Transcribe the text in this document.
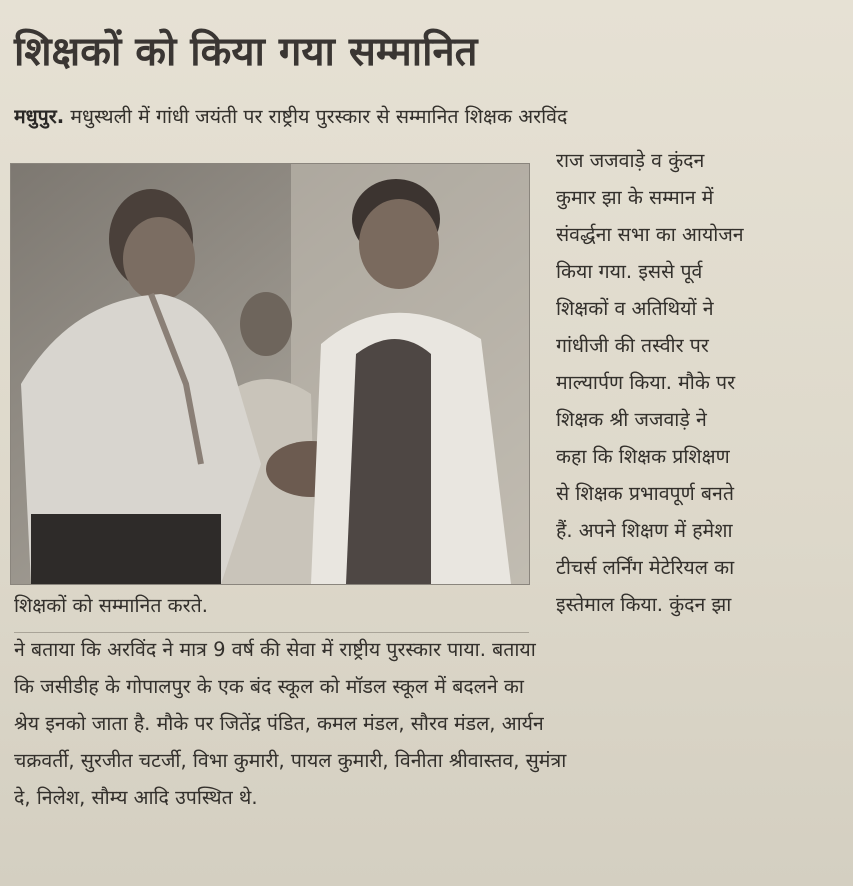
शिक्षकों को किया गया सम्मानित
मधुपुर. मधुस्थली में गांधी जयंती पर राष्ट्रीय पुरस्कार से सम्मानित शिक्षक अरविंद
राज जजवाड़े व कुंदन
कुमार झा के सम्मान में
संवर्द्धना सभा का आयोजन
किया गया. इससे पूर्व
शिक्षकों व अतिथियों ने
गांधीजी की तस्वीर पर
माल्यार्पण किया. मौके पर
शिक्षक श्री जजवाड़े ने
कहा कि शिक्षक प्रशिक्षण
से शिक्षक प्रभावपूर्ण बनते
हैं. अपने शिक्षण में हमेशा
टीचर्स लर्निंग मेटेरियल का
इस्तेमाल किया. कुंदन झा
शिक्षकों को सम्मानित करते.
ने बताया कि अरविंद ने मात्र 9 वर्ष की सेवा में राष्ट्रीय पुरस्कार पाया. बताया
कि जसीडीह के गोपालपुर के एक बंद स्कूल को मॉडल स्कूल में बदलने का
श्रेय इनको जाता है. मौके पर जितेंद्र पंडित, कमल मंडल, सौरव मंडल, आर्यन
चक्रवर्ती, सुरजीत चटर्जी, विभा कुमारी, पायल कुमारी, विनीता श्रीवास्तव, सुमंत्रा
दे, निलेश, सौम्य आदि उपस्थित थे.
